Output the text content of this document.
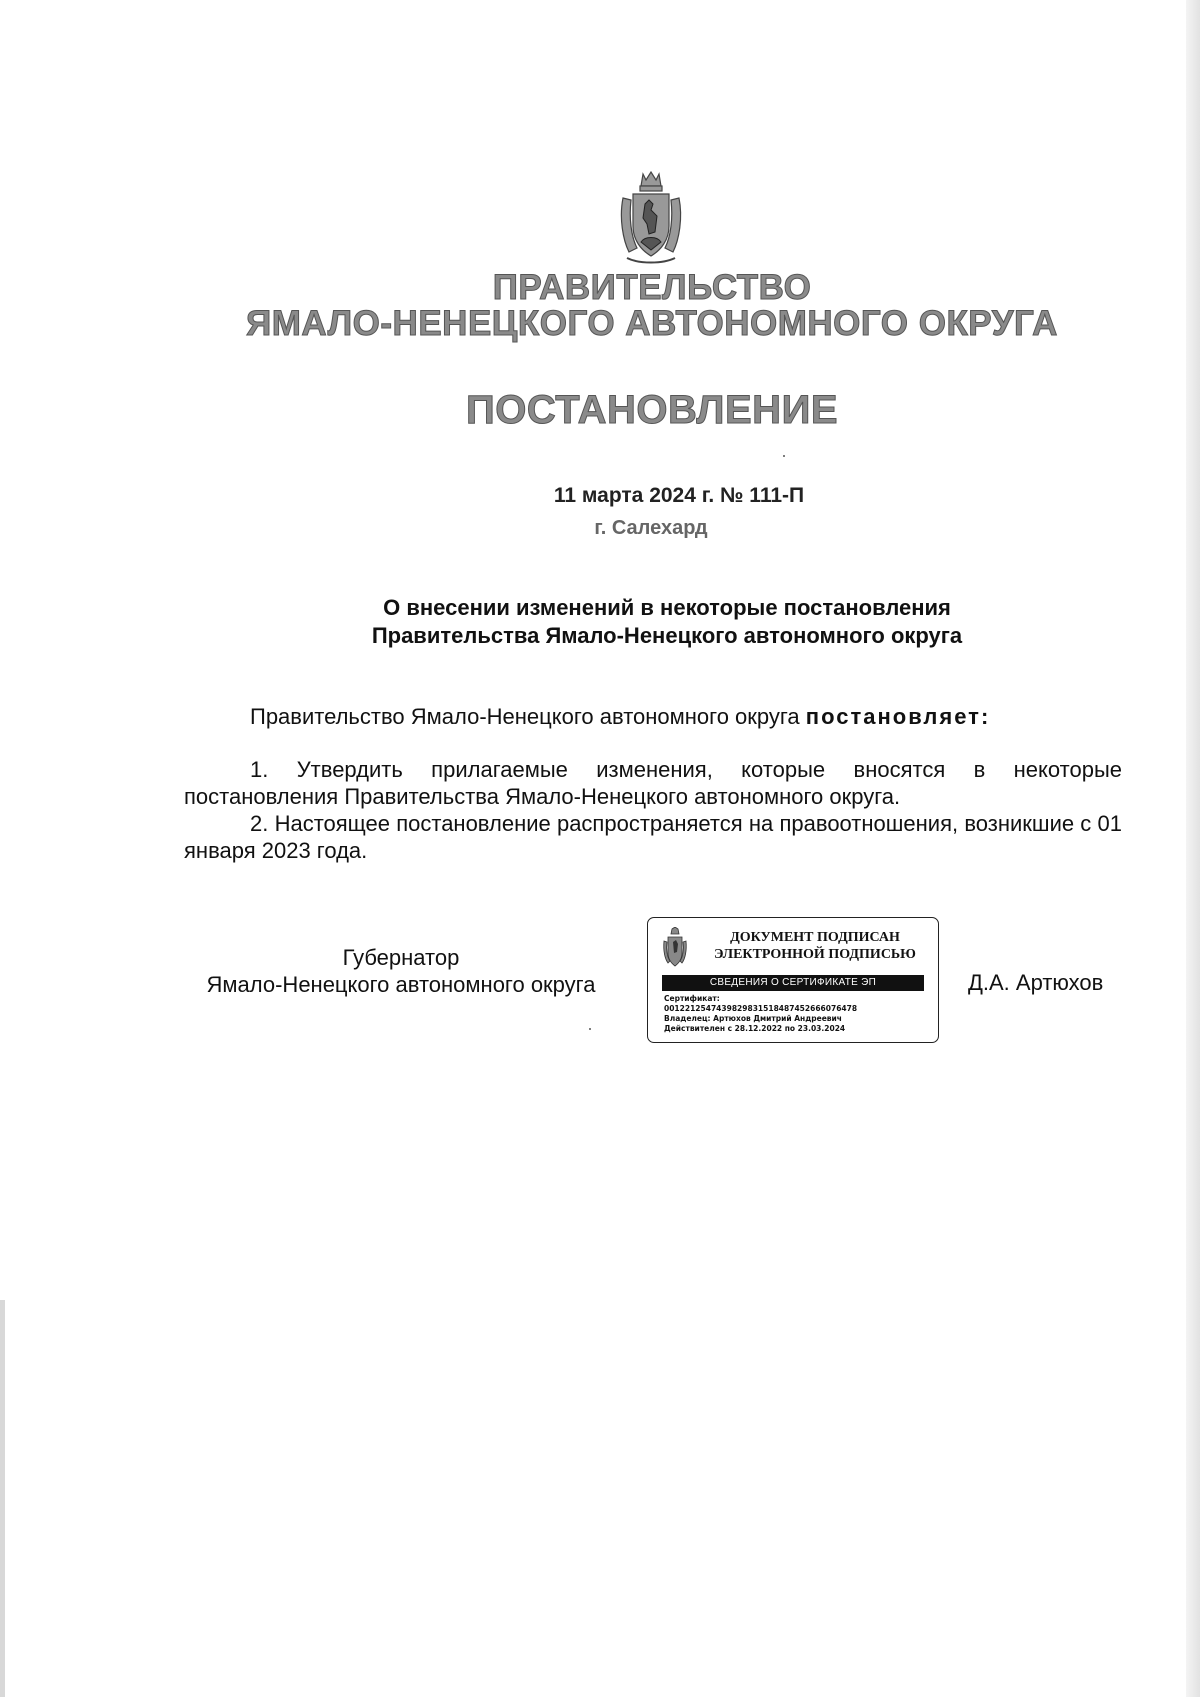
ПРАВИТЕЛЬСТВО
ЯМАЛО-НЕНЕЦКОГО АВТОНОМНОГО ОКРУГА
ПОСТАНОВЛЕНИЕ
11 марта 2024 г. № 111-П
г. Салехард
О внесении изменений в некоторые постановления
Правительства Ямало-Ненецкого автономного округа
Правительство Ямало-Ненецкого автономного округа постановляет:

1. Утвердить прилагаемые изменения, которые вносятся в некоторые постановления Правительства Ямало-Ненецкого автономного округа.

2. Настоящее постановление распространяется на правоотношения, возникшие с 01 января 2023 года.

Губернатор
Ямало-Ненецкого автономного округа
ДОКУМЕНТ ПОДПИСАН
ЭЛЕКТРОННОЙ ПОДПИСЬЮ
СВЕДЕНИЯ О СЕРТИФИКАТЕ ЭП
Сертификат:
0012212547439829831518487452666076478
Владелец: Артюхов Дмитрий Андреевич
Действителен с 28.12.2022 по 23.03.2024
Д.А. Артюхов
